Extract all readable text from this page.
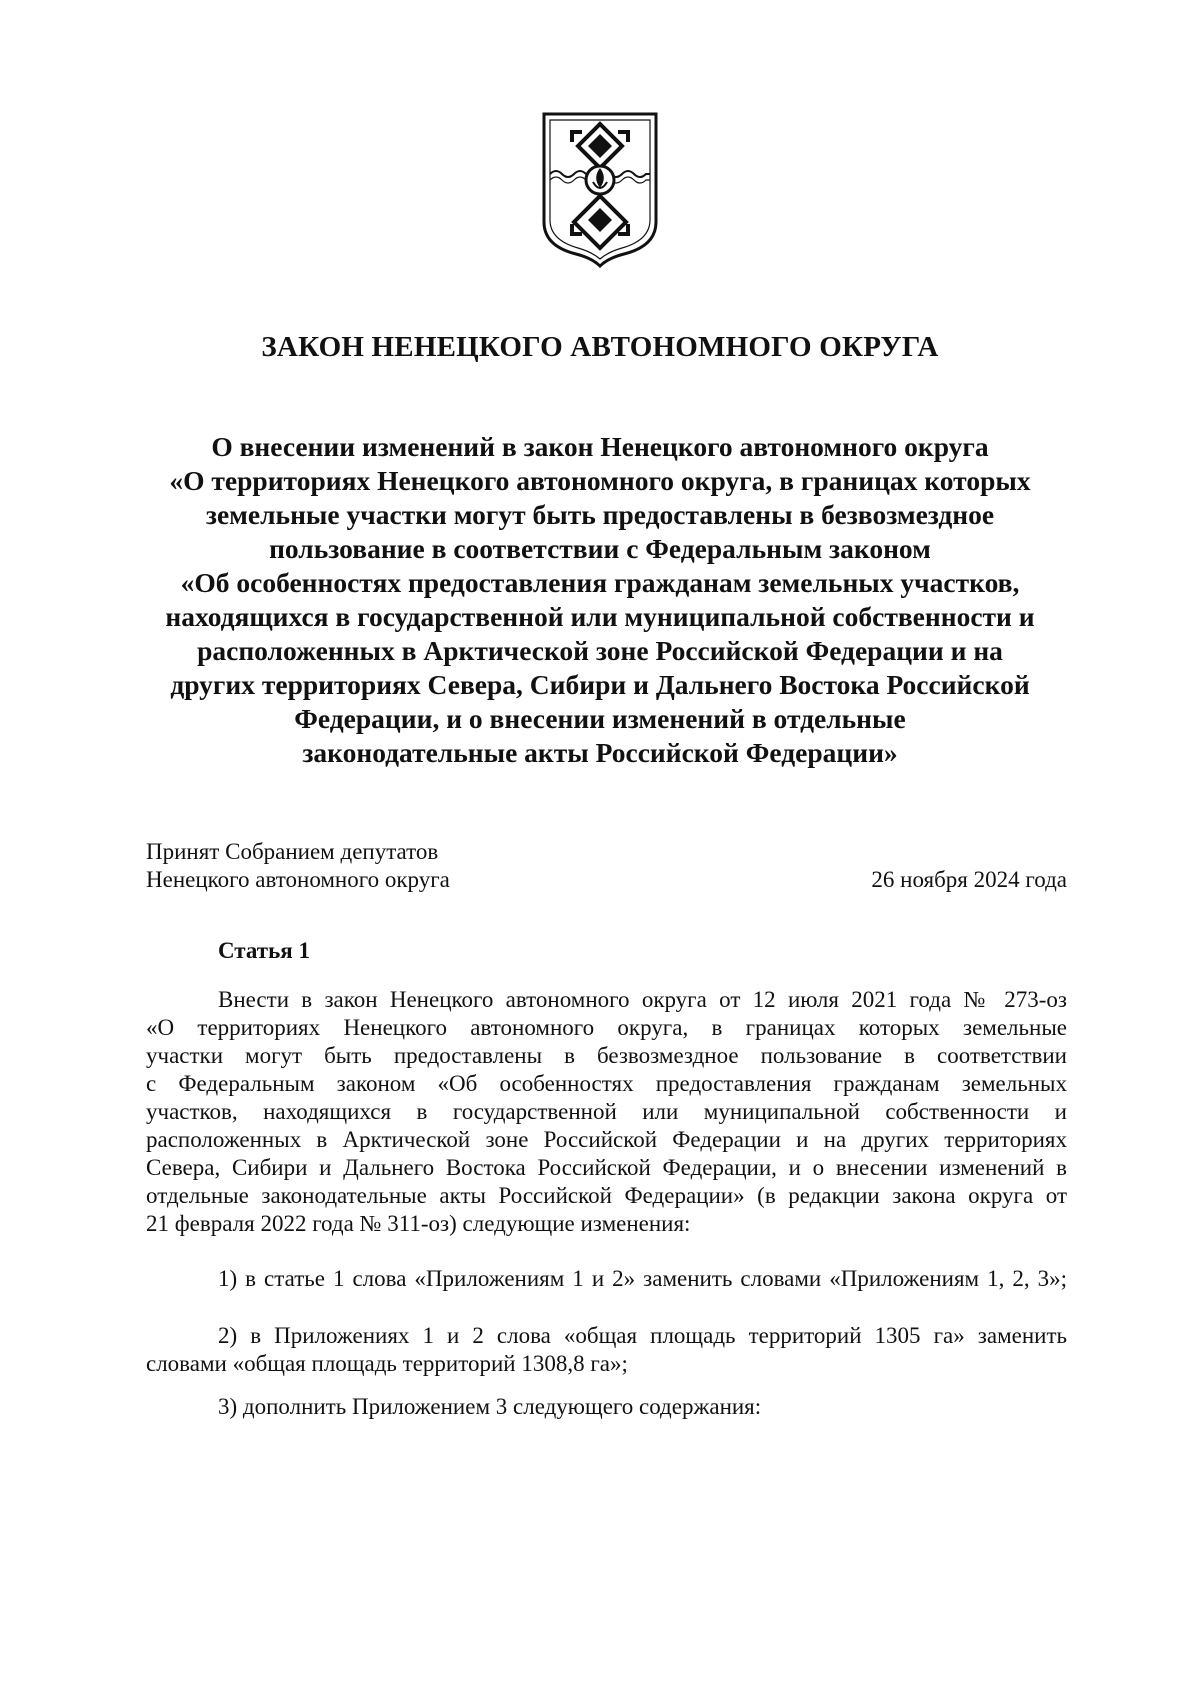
ЗАКОН НЕНЕЦКОГО АВТОНОМНОГО ОКРУГА
О внесении изменений в закон Ненецкого автономного округа
«О территориях Ненецкого автономного округа, в границах которых
земельные участки могут быть предоставлены в безвозмездное
пользование в соответствии с Федеральным законом
«Об особенностях предоставления гражданам земельных участков,
находящихся в государственной или муниципальной собственности и
расположенных в Арктической зоне Российской Федерации и на
других территориях Севера, Сибири и Дальнего Востока Российской
Федерации, и о внесении изменений в отдельные
законодательные акты Российской Федерации»
Принят Собранием депутатов
Ненецкого автономного округа	26 ноября 2024 года
Статья 1
Внести в закон Ненецкого автономного округа от 12 июля 2021 года № 273-оз
«О территориях Ненецкого автономного округа, в границах которых земельные
участки могут быть предоставлены в безвозмездное пользование в соответствии
с Федеральным законом «Об особенностях предоставления гражданам земельных
участков, находящихся в государственной или муниципальной собственности и
расположенных в Арктической зоне Российской Федерации и на других территориях
Севера, Сибири и Дальнего Востока Российской Федерации, и о внесении изменений в
отдельные законодательные акты Российской Федерации» (в редакции закона округа от
21 февраля 2022 года № 311-оз) следующие изменения:
1) в статье 1 слова «Приложениям 1 и 2» заменить словами «Приложениям 1, 2, 3»;
2) в Приложениях 1 и 2 слова «общая площадь территорий 1305 га» заменить
словами «общая площадь территорий 1308,8 га»;
3) дополнить Приложением 3 следующего содержания:
